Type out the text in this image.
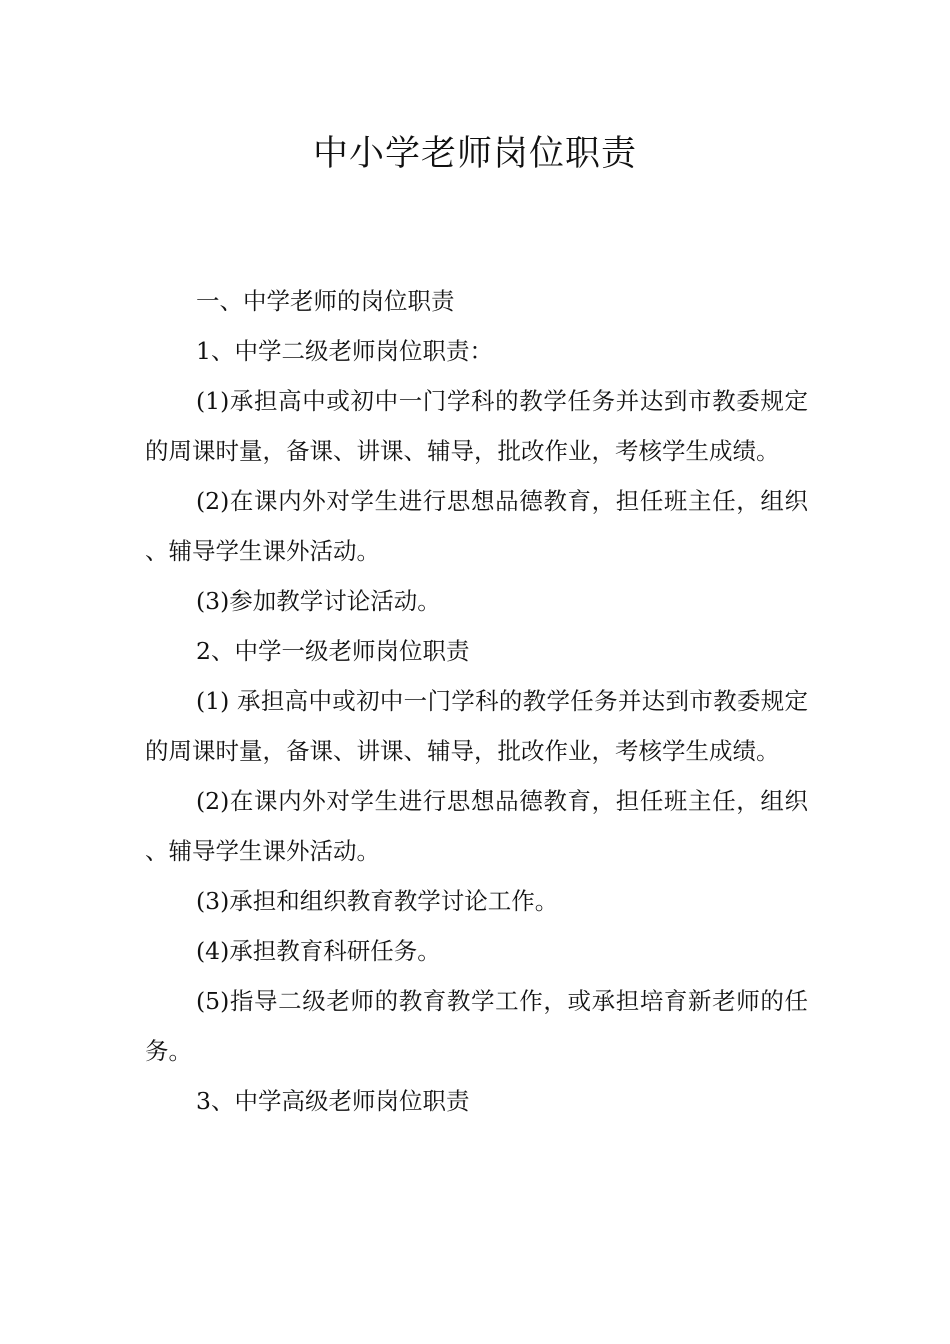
中小学老师岗位职责

一、中学老师的岗位职责

1、中学二级老师岗位职责：

(1)承担高中或初中一门学科的教学任务并达到市教委规定的周课时量，备课、讲课、辅导，批改作业，考核学生成绩。

(2)在课内外对学生进行思想品德教育，担任班主任，组织、辅导学生课外活动。

(3)参加教学讨论活动。

2、中学一级老师岗位职责

(1) 承担高中或初中一门学科的教学任务并达到市教委规定的周课时量，备课、讲课、辅导，批改作业，考核学生成绩。

(2)在课内外对学生进行思想品德教育，担任班主任，组织、辅导学生课外活动。

(3)承担和组织教育教学讨论工作。

(4)承担教育科研任务。

(5)指导二级老师的教育教学工作，或承担培育新老师的任务。

3、中学高级老师岗位职责
